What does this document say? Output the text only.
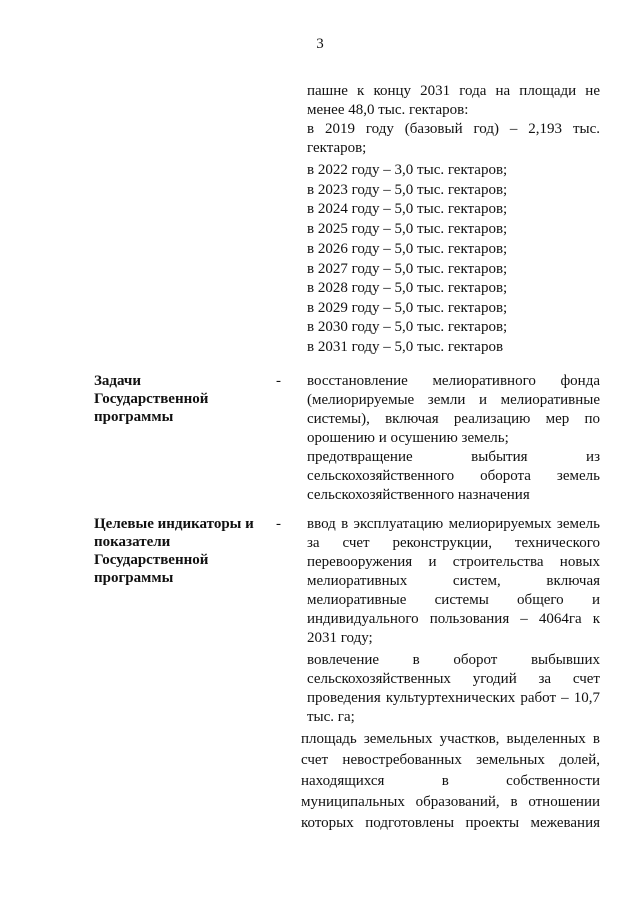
3
пашне к концу 2031 года на площади не
менее 48,0 тыс. гектаров:
в 2019 году (базовый год) – 2,193 тыс.
гектаров;
в 2022 году – 3,0 тыс. гектаров;
в 2023 году – 5,0 тыс. гектаров;
в 2024 году – 5,0 тыс. гектаров;
в 2025 году – 5,0 тыс. гектаров;
в 2026 году – 5,0 тыс. гектаров;
в 2027 году – 5,0 тыс. гектаров;
в 2028 году – 5,0 тыс. гектаров;
в 2029 году – 5,0 тыс. гектаров;
в 2030 году – 5,0 тыс. гектаров;
в 2031 году – 5,0 тыс. гектаров
Задачи
Государственной
программы
- восстановление мелиоративного фонда
(мелиорируемые земли и мелиоративные
системы), включая реализацию мер по
орошению и осушению земель;
предотвращение выбытия из
сельскохозяйственного оборота земель
сельскохозяйственного назначения
Целевые индикаторы и
показатели
Государственной
программы
- ввод в эксплуатацию мелиорируемых земель
за счет реконструкции, технического
перевооружения и строительства новых
мелиоративных систем, включая
мелиоративные системы общего и
индивидуального пользования – 4064га к
2031 году;
вовлечение в оборот выбывших
сельскохозяйственных угодий за счет
проведения культуртехнических работ – 10,7
тыс. га;
площадь земельных участков, выделенных в
счет невостребованных земельных долей,
находящихся в собственности
муниципальных образований, в отношении
которых подготовлены проекты межевания
